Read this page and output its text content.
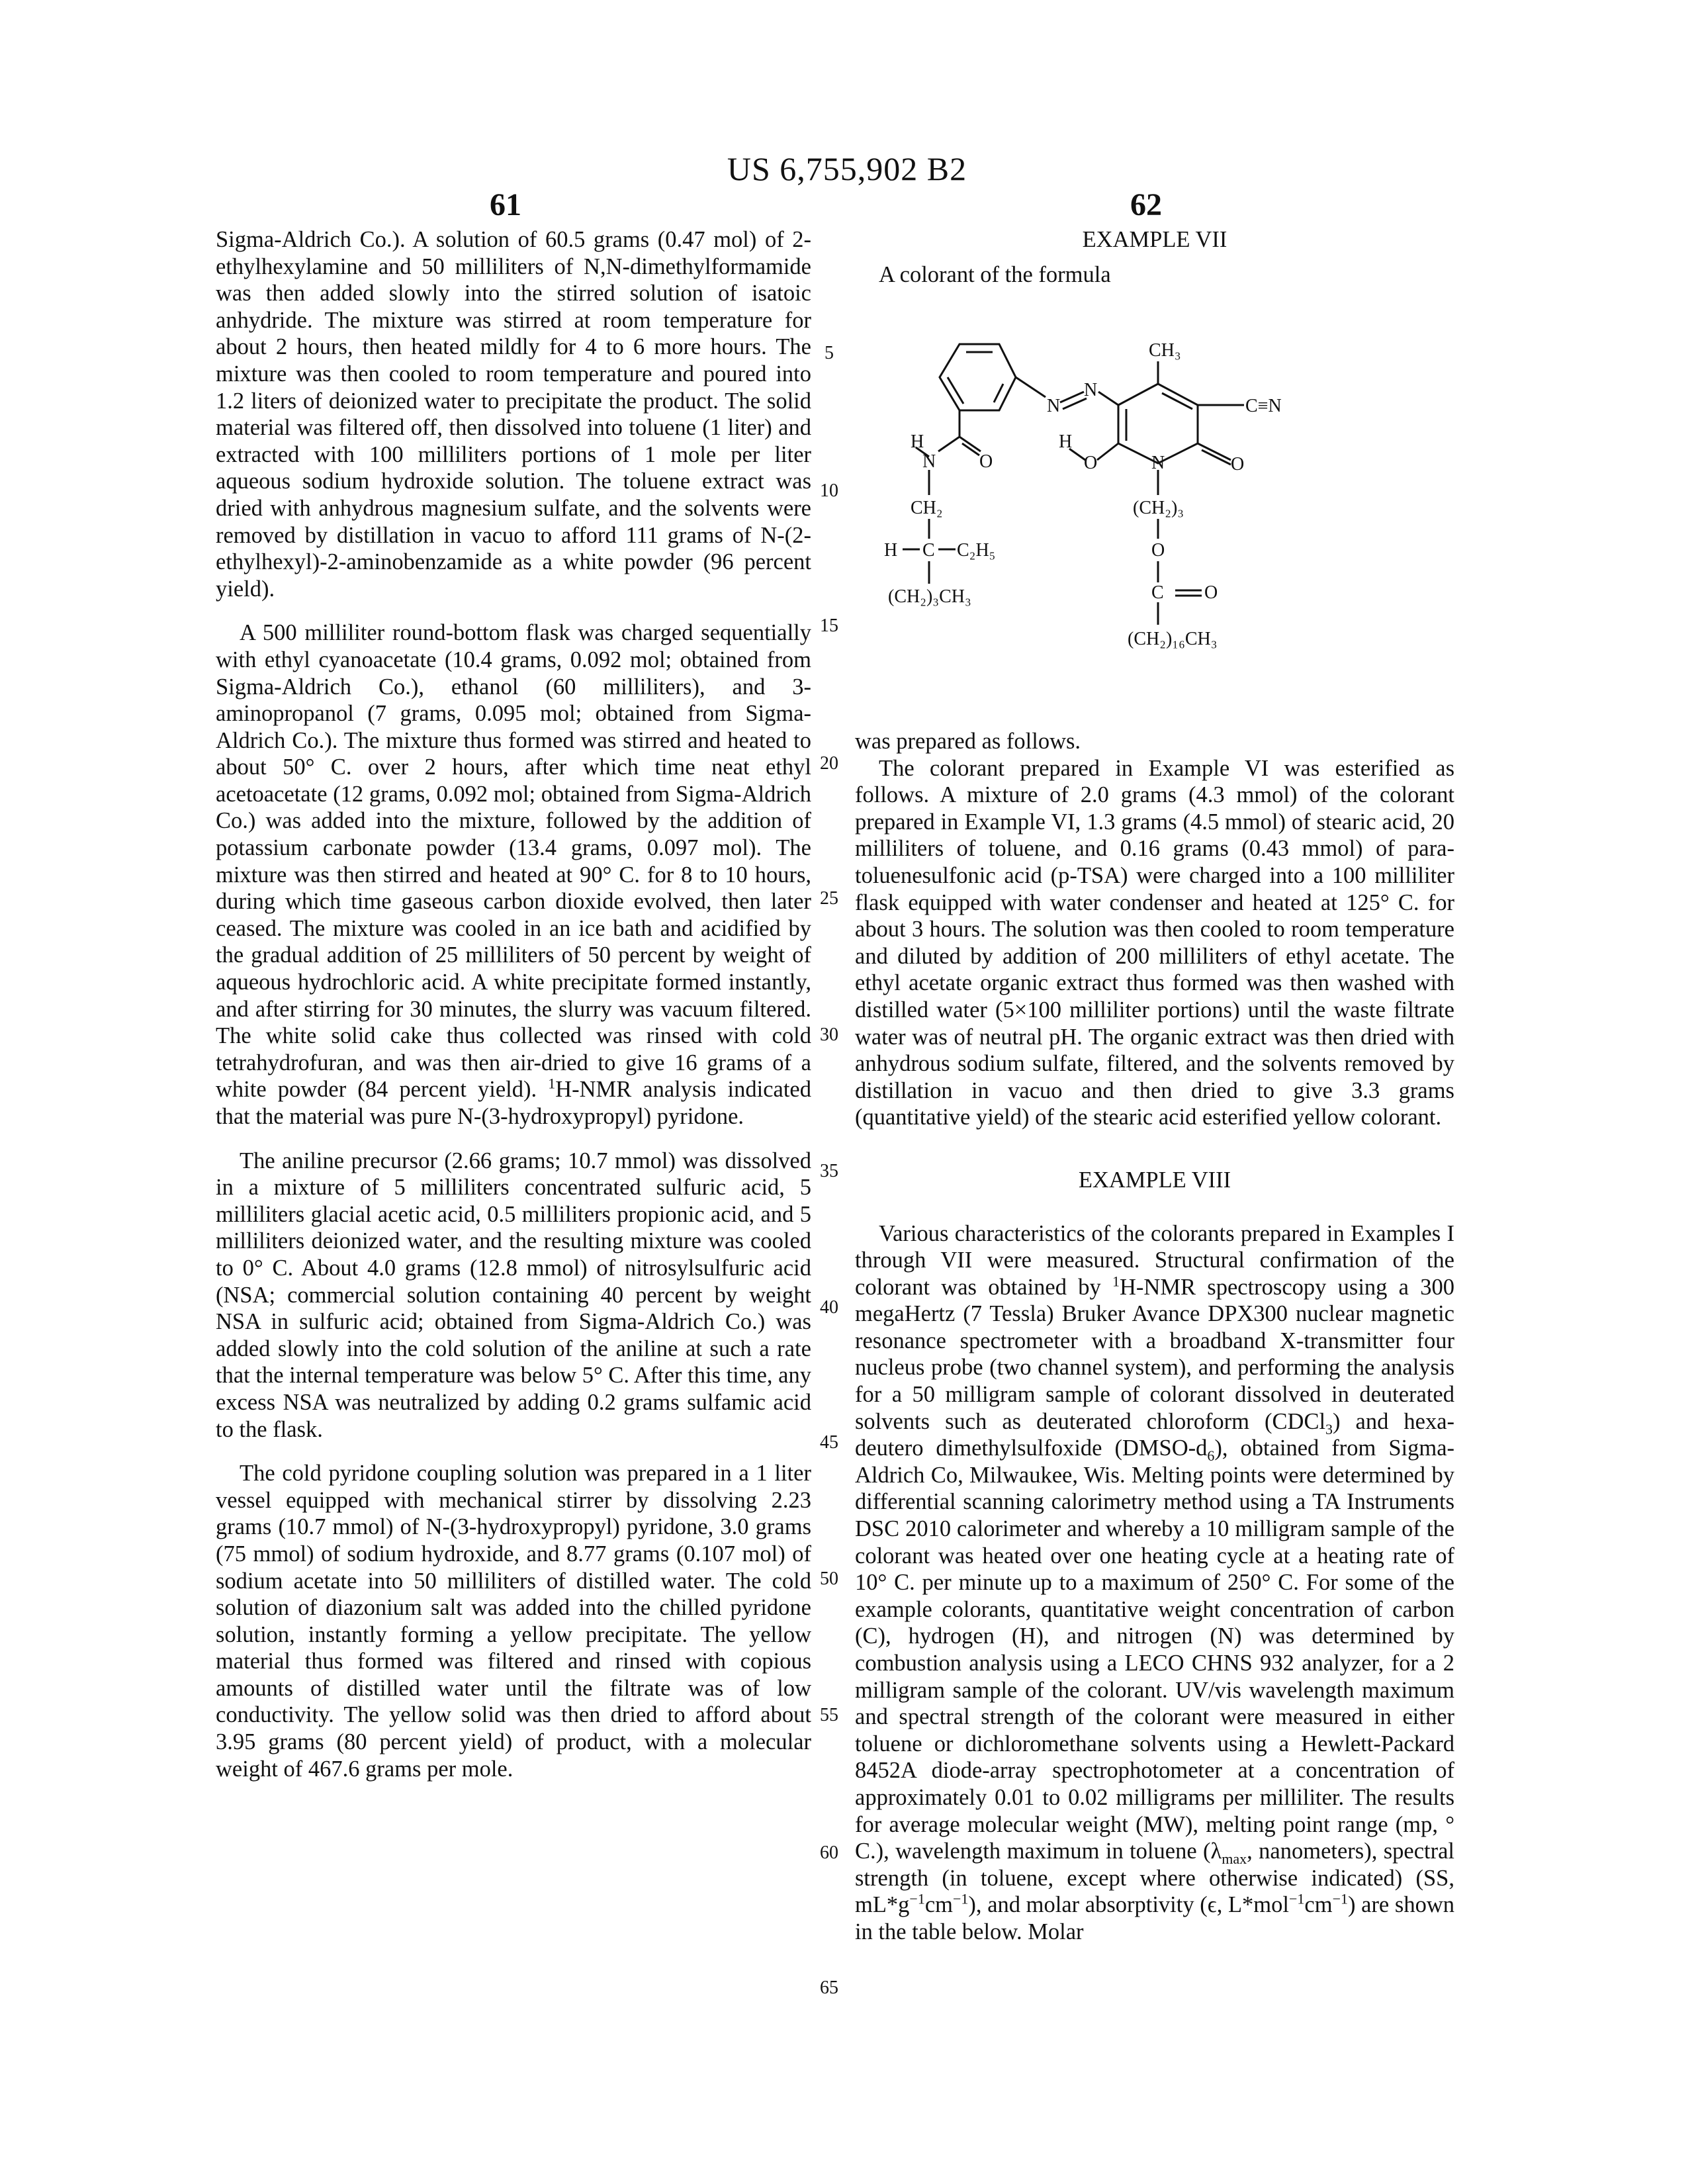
US 6,755,902 B2
61	62

Sigma-Aldrich Co.). A solution of 60.5 grams (0.47 mol) of 2-ethylhexylamine and 50 milliliters of N,N-dimethylformamide was then added slowly into the stirred solution of isatoic anhydride. The mixture was stirred at room temperature for about 2 hours, then heated mildly for 4 to 6 more hours. The mixture was then cooled to room temperature and poured into 1.2 liters of deionized water to precipitate the product. The solid material was filtered off, then dissolved into toluene (1 liter) and extracted with 100 milliliters portions of 1 mole per liter aqueous sodium hydroxide solution. The toluene extract was dried with anhydrous magnesium sulfate, and the solvents were removed by distillation in vacuo to afford 111 grams of N-(2-ethylhexyl)-2-aminobenzamide as a white powder (96 percent yield).

A 500 milliliter round-bottom flask was charged sequentially with ethyl cyanoacetate (10.4 grams, 0.092 mol; obtained from Sigma-Aldrich Co.), ethanol (60 milliliters), and 3-aminopropanol (7 grams, 0.095 mol; obtained from Sigma-Aldrich Co.). The mixture thus formed was stirred and heated to about 50° C. over 2 hours, after which time neat ethyl acetoacetate (12 grams, 0.092 mol; obtained from Sigma-Aldrich Co.) was added into the mixture, followed by the addition of potassium carbonate powder (13.4 grams, 0.097 mol). The mixture was then stirred and heated at 90° C. for 8 to 10 hours, during which time gaseous carbon dioxide evolved, then later ceased. The mixture was cooled in an ice bath and acidified by the gradual addition of 25 milliliters of 50 percent by weight of aqueous hydrochloric acid. A white precipitate formed instantly, and after stirring for 30 minutes, the slurry was vacuum filtered. The white solid cake thus collected was rinsed with cold tetrahydrofuran, and was then air-dried to give 16 grams of a white powder (84 percent yield). 1H-NMR analysis indicated that the material was pure N-(3-hydroxypropyl) pyridone.

The aniline precursor (2.66 grams; 10.7 mmol) was dissolved in a mixture of 5 milliliters concentrated sulfuric acid, 5 milliliters glacial acetic acid, 0.5 milliliters propionic acid, and 5 milliliters deionized water, and the resulting mixture was cooled to 0° C. About 4.0 grams (12.8 mmol) of nitrosylsulfuric acid (NSA; commercial solution containing 40 percent by weight NSA in sulfuric acid; obtained from Sigma-Aldrich Co.) was added slowly into the cold solution of the aniline at such a rate that the internal temperature was below 5° C. After this time, any excess NSA was neutralized by adding 0.2 grams sulfamic acid to the flask.

The cold pyridone coupling solution was prepared in a 1 liter vessel equipped with mechanical stirrer by dissolving 2.23 grams (10.7 mmol) of N-(3-hydroxypropyl) pyridone, 3.0 grams (75 mmol) of sodium hydroxide, and 8.77 grams (0.107 mol) of sodium acetate into 50 milliliters of distilled water. The cold solution of diazonium salt was added into the chilled pyridone solution, instantly forming a yellow precipitate. The yellow material thus formed was filtered and rinsed with copious amounts of distilled water until the filtrate was of low conductivity. The yellow solid was then dried to afford about 3.95 grams (80 percent yield) of product, with a molecular weight of 467.6 grams per mole.

5
10
15
20
25
30
35
40
45
50
55
60
65

EXAMPLE VII

A colorant of the formula

CH₃
C≡N
N
N
H
N O
H
O	N	O
CH₂
H C C₂H₅
(CH₂)₃CH₃
(CH₂)₃
O
C O
(CH₂)₁₆CH₃

was prepared as follows.

The colorant prepared in Example VI was esterified as follows. A mixture of 2.0 grams (4.3 mmol) of the colorant prepared in Example VI, 1.3 grams (4.5 mmol) of stearic acid, 20 milliliters of toluene, and 0.16 grams (0.43 mmol) of para-toluenesulfonic acid (p-TSA) were charged into a 100 milliliter flask equipped with water condenser and heated at 125° C. for about 3 hours. The solution was then cooled to room temperature and diluted by addition of 200 milliliters of ethyl acetate. The ethyl acetate organic extract thus formed was then washed with distilled water (5×100 milliliter portions) until the waste filtrate water was of neutral pH. The organic extract was then dried with anhydrous sodium sulfate, filtered, and the solvents removed by distillation in vacuo and then dried to give 3.3 grams (quantitative yield) of the stearic acid esterified yellow colorant.

EXAMPLE VIII

Various characteristics of the colorants prepared in Examples I through VII were measured. Structural confirmation of the colorant was obtained by 1H-NMR spectroscopy using a 300 megaHertz (7 Tessla) Bruker Avance DPX300 nuclear magnetic resonance spectrometer with a broadband X-transmitter four nucleus probe (two channel system), and performing the analysis for a 50 milligram sample of colorant dissolved in deuterated solvents such as deuterated chloroform (CDCl3) and hexa-deutero dimethylsulfoxide (DMSO-d6), obtained from Sigma-Aldrich Co, Milwaukee, Wis. Melting points were determined by differential scanning calorimetry method using a TA Instruments DSC 2010 calorimeter and whereby a 10 milligram sample of the colorant was heated over one heating cycle at a heating rate of 10° C. per minute up to a maximum of 250° C. For some of the example colorants, quantitative weight concentration of carbon (C), hydrogen (H), and nitrogen (N) was determined by combustion analysis using a LECO CHNS 932 analyzer, for a 2 milligram sample of the colorant. UV/vis wavelength maximum and spectral strength of the colorant were measured in either toluene or dichloromethane solvents using a Hewlett-Packard 8452A diode-array spectrophotometer at a concentration of approximately 0.01 to 0.02 milligrams per milliliter. The results for average molecular weight (MW), melting point range (mp, ° C.), wavelength maximum in toluene (λmax, nanometers), spectral strength (in toluene, except where otherwise indicated) (SS, mL*g−1cm−1), and molar absorptivity (ϵ, L*mol−1cm−1) are shown in the table below. Molar
